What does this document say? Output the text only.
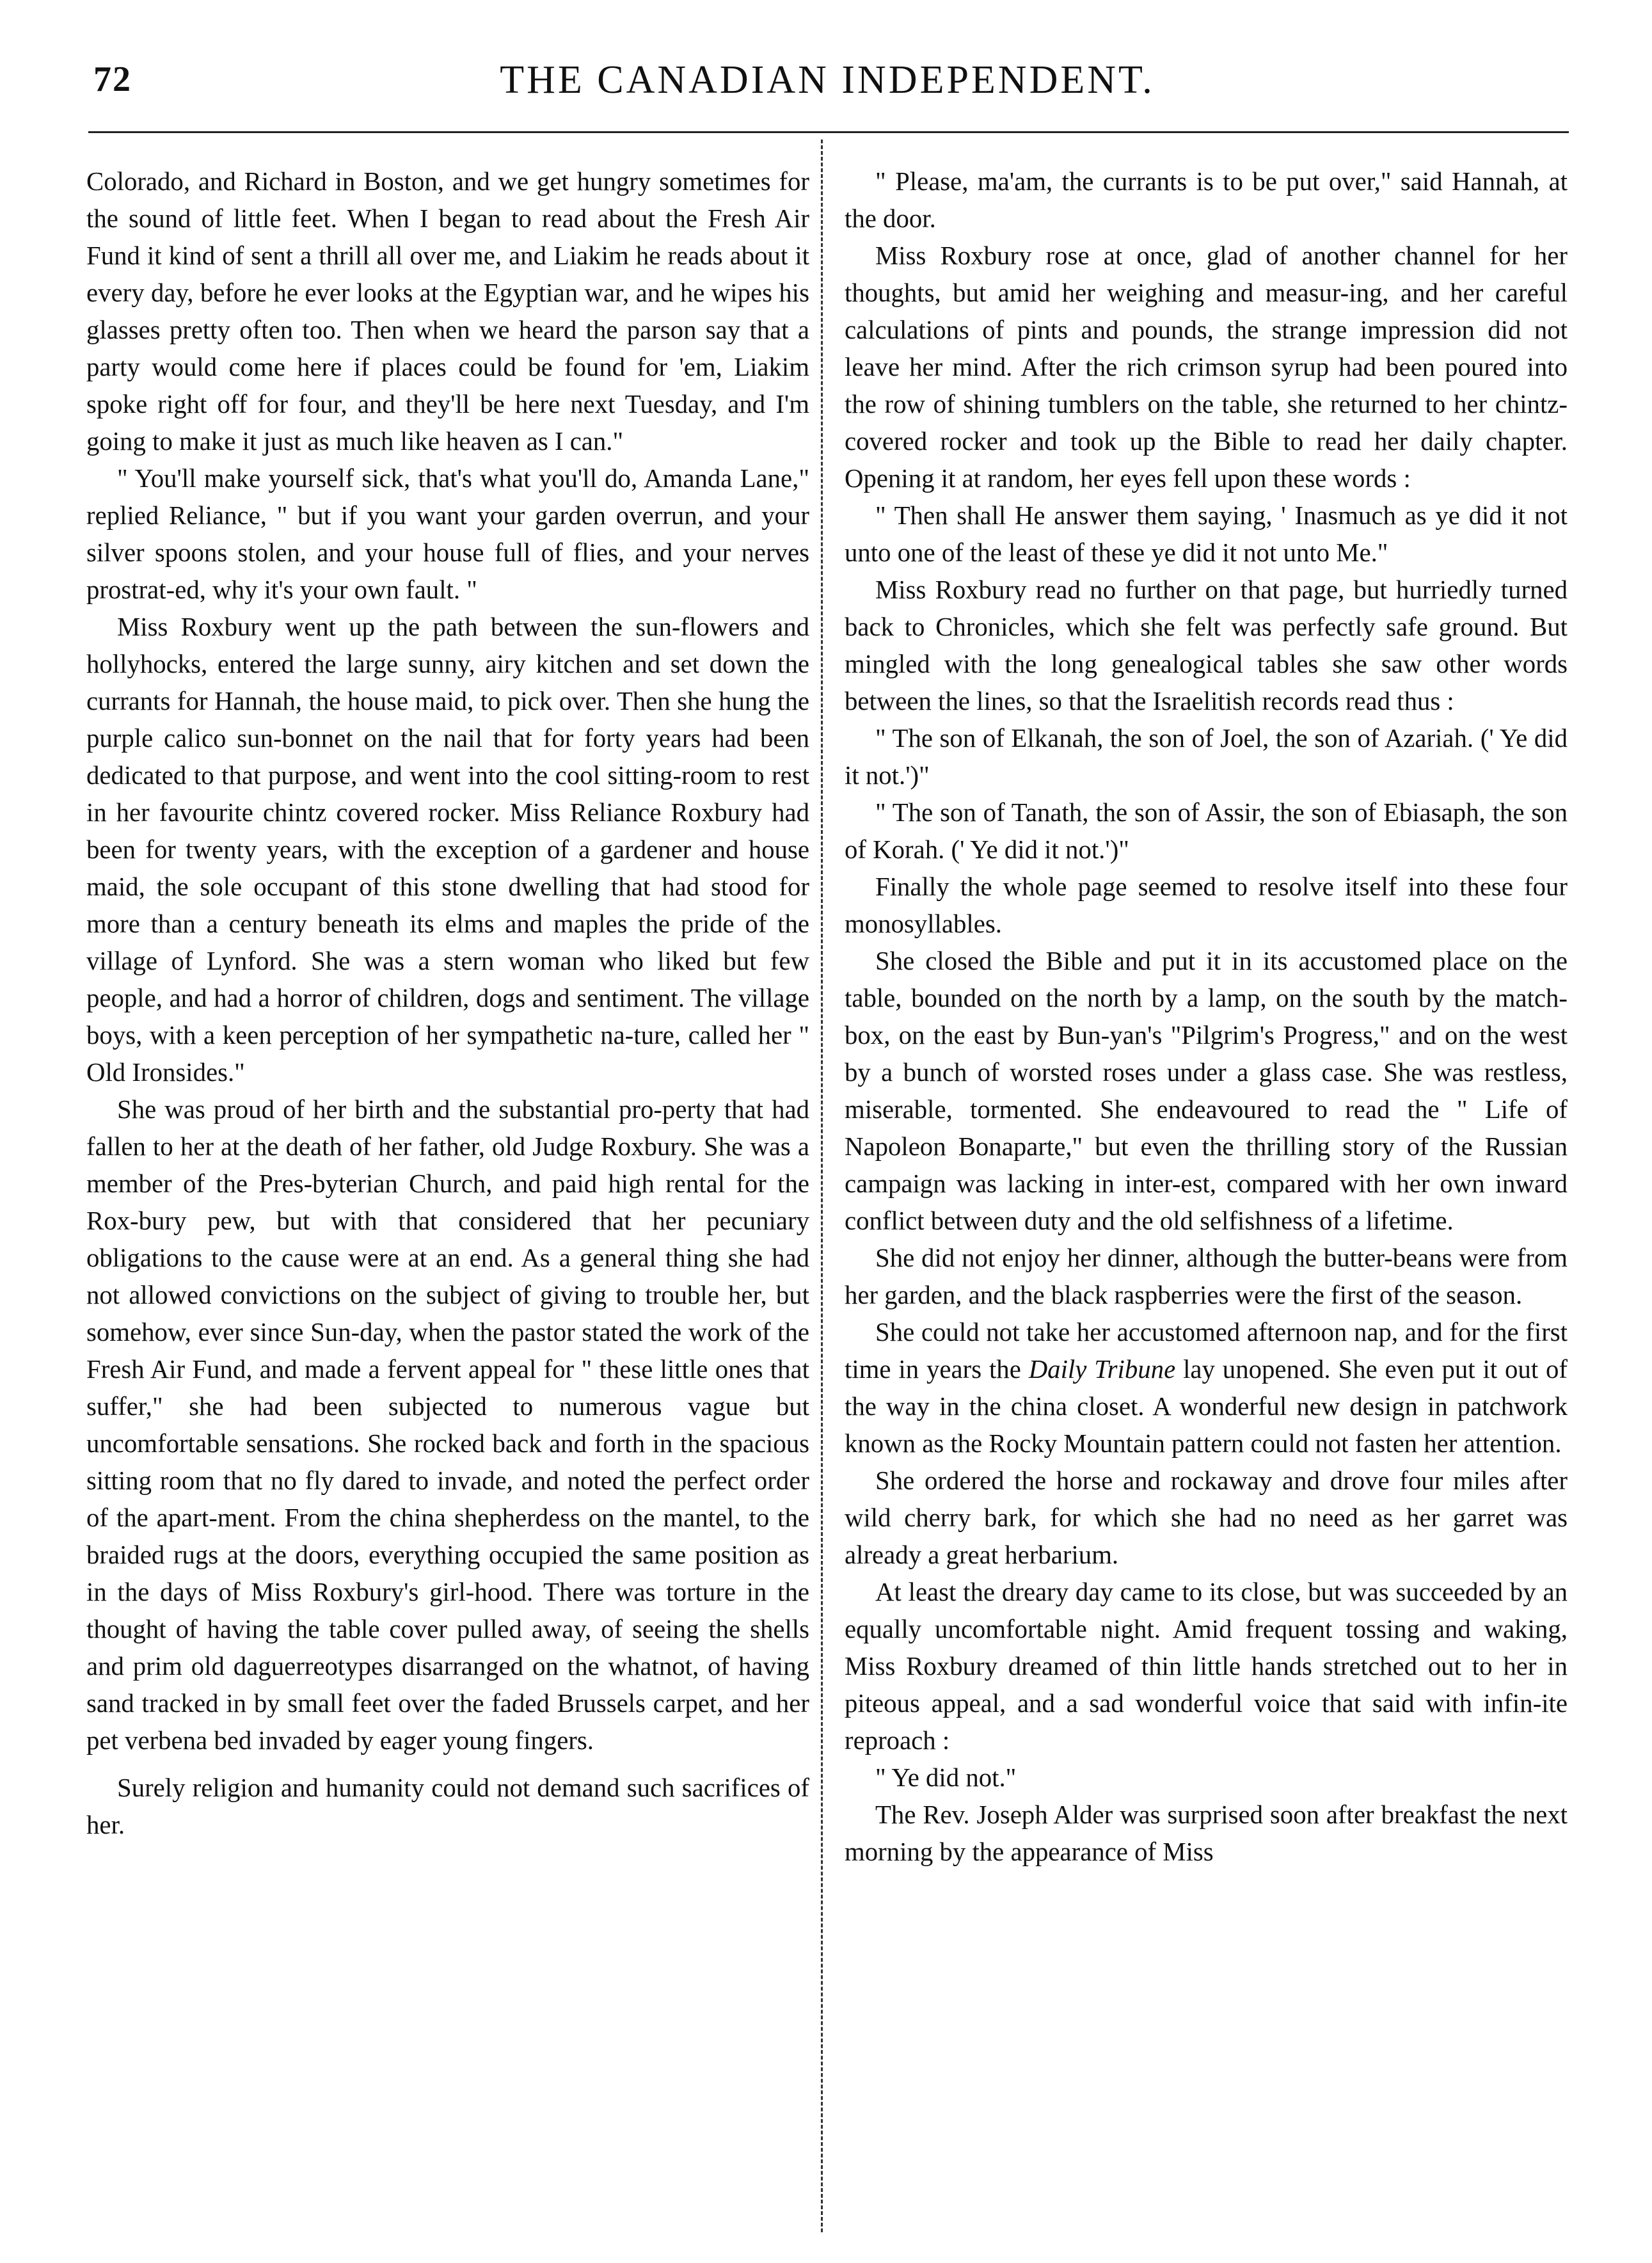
72	THE CANADIAN INDEPENDENT.

Colorado, and Richard in Boston, and we get hungry sometimes for the sound of little feet. When I began to read about the Fresh Air Fund it kind of sent a thrill all over me, and Liakim he reads about it every day, before he ever looks at the Egyptian war, and he wipes his glasses pretty often too. Then when we heard the parson say that a party would come here if places could be found for 'em, Liakim spoke right off for four, and they'll be here next Tuesday, and I'm going to make it just as much like heaven as I can."

" You'll make yourself sick, that's what you'll do, Amanda Lane," replied Reliance, " but if you want your garden overrun, and your silver spoons stolen, and your house full of flies, and your nerves prostrat-ed, why it's your own fault. "

Miss Roxbury went up the path between the sun-flowers and hollyhocks, entered the large sunny, airy kitchen and set down the currants for Hannah, the house maid, to pick over. Then she hung the purple calico sun-bonnet on the nail that for forty years had been dedicated to that purpose, and went into the cool sitting-room to rest in her favourite chintz covered rocker. Miss Reliance Roxbury had been for twenty years, with the exception of a gardener and house maid, the sole occupant of this stone dwelling that had stood for more than a century beneath its elms and maples the pride of the village of Lynford. She was a stern woman who liked but few people, and had a horror of children, dogs and sentiment. The village boys, with a keen perception of her sympathetic na-ture, called her " Old Ironsides."

She was proud of her birth and the substantial pro-perty that had fallen to her at the death of her father, old Judge Roxbury. She was a member of the Pres-byterian Church, and paid high rental for the Rox-bury pew, but with that considered that her pecuniary obligations to the cause were at an end. As a general thing she had not allowed convictions on the subject of giving to trouble her, but somehow, ever since Sun-day, when the pastor stated the work of the Fresh Air Fund, and made a fervent appeal for " these little ones that suffer," she had been subjected to numerous vague but uncomfortable sensations. She rocked back and forth in the spacious sitting room that no fly dared to invade, and noted the perfect order of the apart-ment. From the china shepherdess on the mantel, to the braided rugs at the doors, everything occupied the same position as in the days of Miss Roxbury's girl-hood. There was torture in the thought of having the table cover pulled away, of seeing the shells and prim old daguerreotypes disarranged on the whatnot, of having sand tracked in by small feet over the faded Brussels carpet, and her pet verbena bed invaded by eager young fingers.

Surely religion and humanity could not demand such sacrifices of her.

" Please, ma'am, the currants is to be put over," said Hannah, at the door.

Miss Roxbury rose at once, glad of another channel for her thoughts, but amid her weighing and measur-ing, and her careful calculations of pints and pounds, the strange impression did not leave her mind. After the rich crimson syrup had been poured into the row of shining tumblers on the table, she returned to her chintz-covered rocker and took up the Bible to read her daily chapter. Opening it at random, her eyes fell upon these words :

" Then shall He answer them saying, ' Inasmuch as ye did it not unto one of the least of these ye did it not unto Me."

Miss Roxbury read no further on that page, but hurriedly turned back to Chronicles, which she felt was perfectly safe ground. But mingled with the long genealogical tables she saw other words between the lines, so that the Israelitish records read thus :

" The son of Elkanah, the son of Joel, the son of Azariah. (' Ye did it not.')"

" The son of Tanath, the son of Assir, the son of Ebiasaph, the son of Korah. (' Ye did it not.')"

Finally the whole page seemed to resolve itself into these four monosyllables.

She closed the Bible and put it in its accustomed place on the table, bounded on the north by a lamp, on the south by the match-box, on the east by Bun-yan's "Pilgrim's Progress," and on the west by a bunch of worsted roses under a glass case. She was restless, miserable, tormented. She endeavoured to read the " Life of Napoleon Bonaparte," but even the thrilling story of the Russian campaign was lacking in inter-est, compared with her own inward conflict between duty and the old selfishness of a lifetime.

She did not enjoy her dinner, although the butter-beans were from her garden, and the black raspberries were the first of the season.

She could not take her accustomed afternoon nap, and for the first time in years the Daily Tribune lay unopened. She even put it out of the way in the china closet. A wonderful new design in patchwork known as the Rocky Mountain pattern could not fasten her attention.

She ordered the horse and rockaway and drove four miles after wild cherry bark, for which she had no need as her garret was already a great herbarium.

At least the dreary day came to its close, but was succeeded by an equally uncomfortable night. Amid frequent tossing and waking, Miss Roxbury dreamed of thin little hands stretched out to her in piteous appeal, and a sad wonderful voice that said with infin-ite reproach :

" Ye did not."

The Rev. Joseph Alder was surprised soon after breakfast the next morning by the appearance of Miss
